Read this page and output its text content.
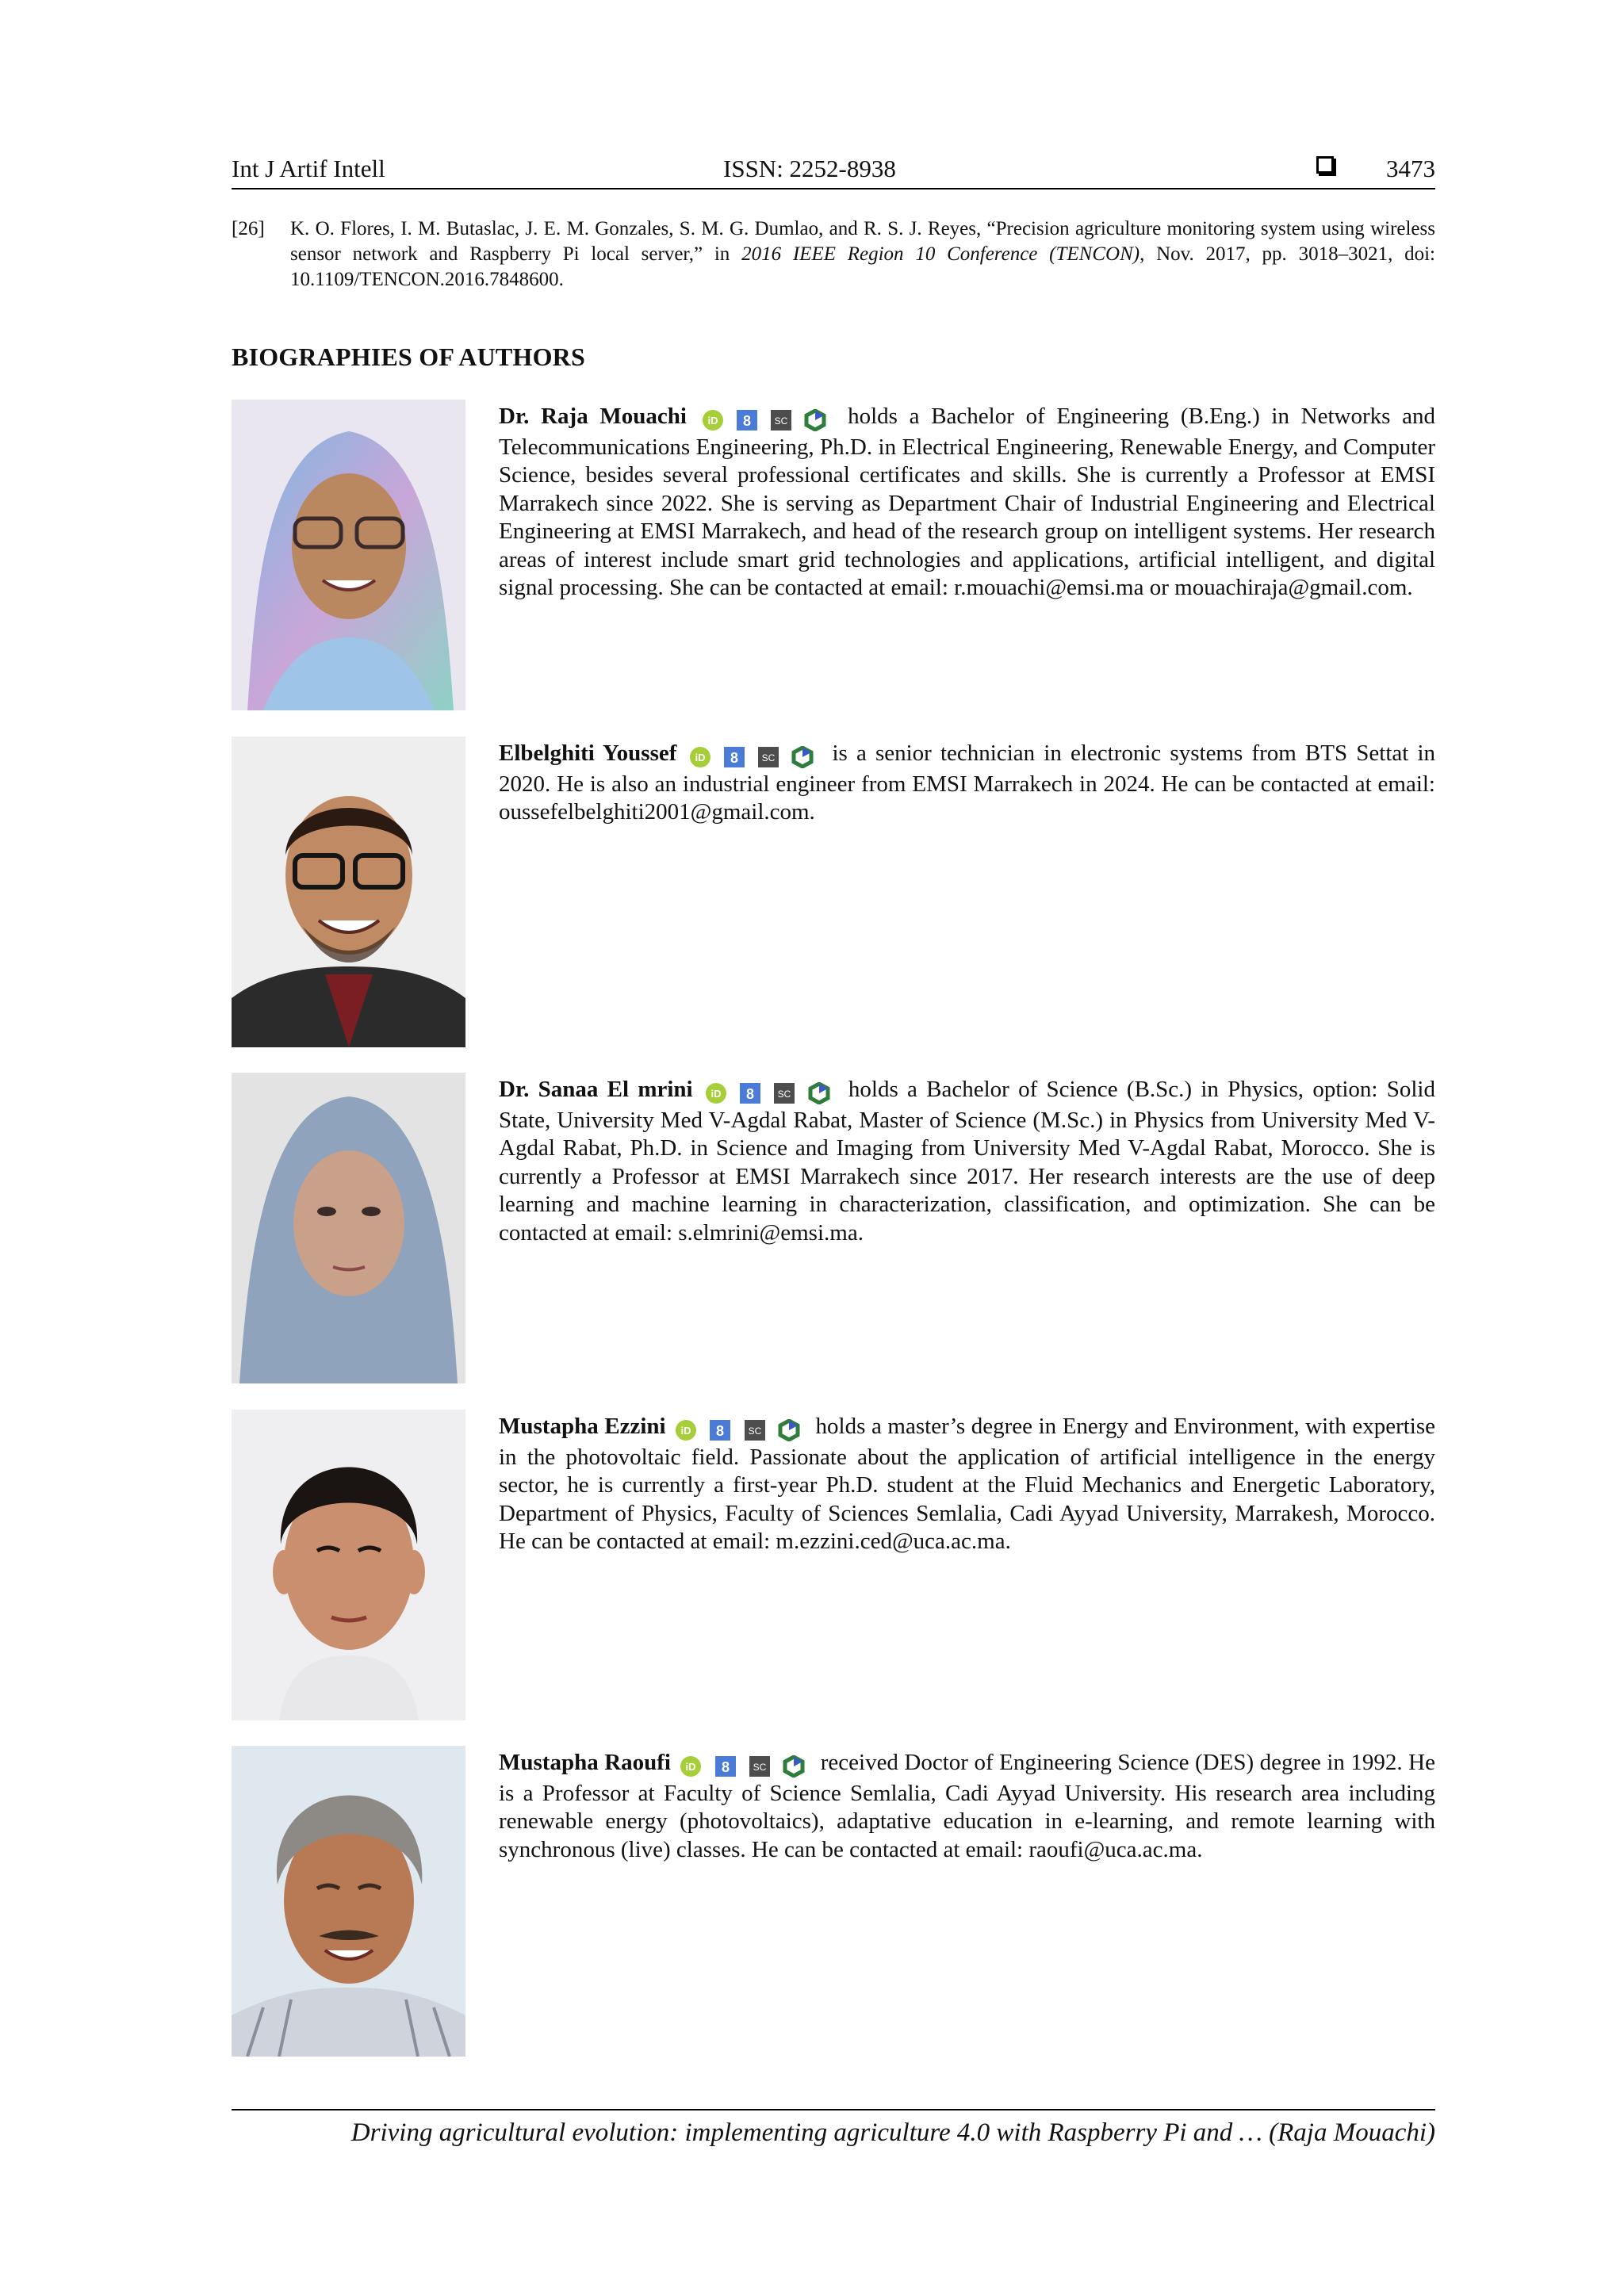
Int J Artif Intell	ISSN: 2252-8938	3473
[26] K. O. Flores, I. M. Butaslac, J. E. M. Gonzales, S. M. G. Dumlao, and R. S. J. Reyes, “Precision agriculture monitoring system using wireless sensor network and Raspberry Pi local server,” in 2016 IEEE Region 10 Conference (TENCON), Nov. 2017, pp. 3018–3021, doi: 10.1109/TENCON.2016.7848600.
BIOGRAPHIES OF AUTHORS
Dr. Raja Mouachi iD
8
SC	holds a Bachelor of Engineering (B.Eng.) in Networks and Telecommunications Engineering, Ph.D. in Electrical Engineering, Renewable Energy, and Computer Science, besides several professional certificates and skills. She is currently a Professor at EMSI Marrakech since 2022. She is serving as Department Chair of Industrial Engineering and Electrical Engineering at EMSI Marrakech, and head of the research group on intelligent systems. Her research areas of interest include smart grid technologies and applications, artificial intelligent, and digital signal processing. She can be contacted at email: r.mouachi@emsi.ma or mouachiraja@gmail.com.
Elbelghiti Youssef iD
8
SC is a senior technician in electronic systems from BTS Settat in 2020. He is also an industrial engineer from EMSI Marrakech in 2024. He can be contacted at email: oussefelbelghiti2001@gmail.com.
Dr. Sanaa El mrini iD
8
SC holds a Bachelor of Science (B.Sc.) in Physics, option: Solid State, University Med V-Agdal Rabat, Master of Science (M.Sc.) in Physics from University Med V-Agdal Rabat, Ph.D. in Science and Imaging from University Med V-Agdal Rabat, Morocco. She is currently a Professor at EMSI Marrakech since 2017. Her research interests are the use of deep learning and machine learning in characterization, classification, and optimization. She can be contacted at email: s.elmrini@emsi.ma.
Mustapha Ezzini iD
8
SC holds a master’s degree in Energy and Environment, with expertise in the photovoltaic field. Passionate about the application of artificial intelligence in the energy sector, he is currently a first-year Ph.D. student at the Fluid Mechanics and Energetic Laboratory, Department of Physics, Faculty of Sciences Semlalia, Cadi Ayyad University, Marrakesh, Morocco. He can be contacted at email: m.ezzini.ced@uca.ac.ma.
Mustapha Raoufi iD
8
SC received Doctor of Engineering Science (DES) degree in 1992. He is a Professor at Faculty of Science Semlalia, Cadi Ayyad University. His research area including renewable energy (photovoltaics), adaptative education in e-learning, and remote learning with synchronous (live) classes. He can be contacted at email: raoufi@uca.ac.ma.
Driving agricultural evolution: implementing agriculture 4.0 with Raspberry Pi and … (Raja Mouachi)
